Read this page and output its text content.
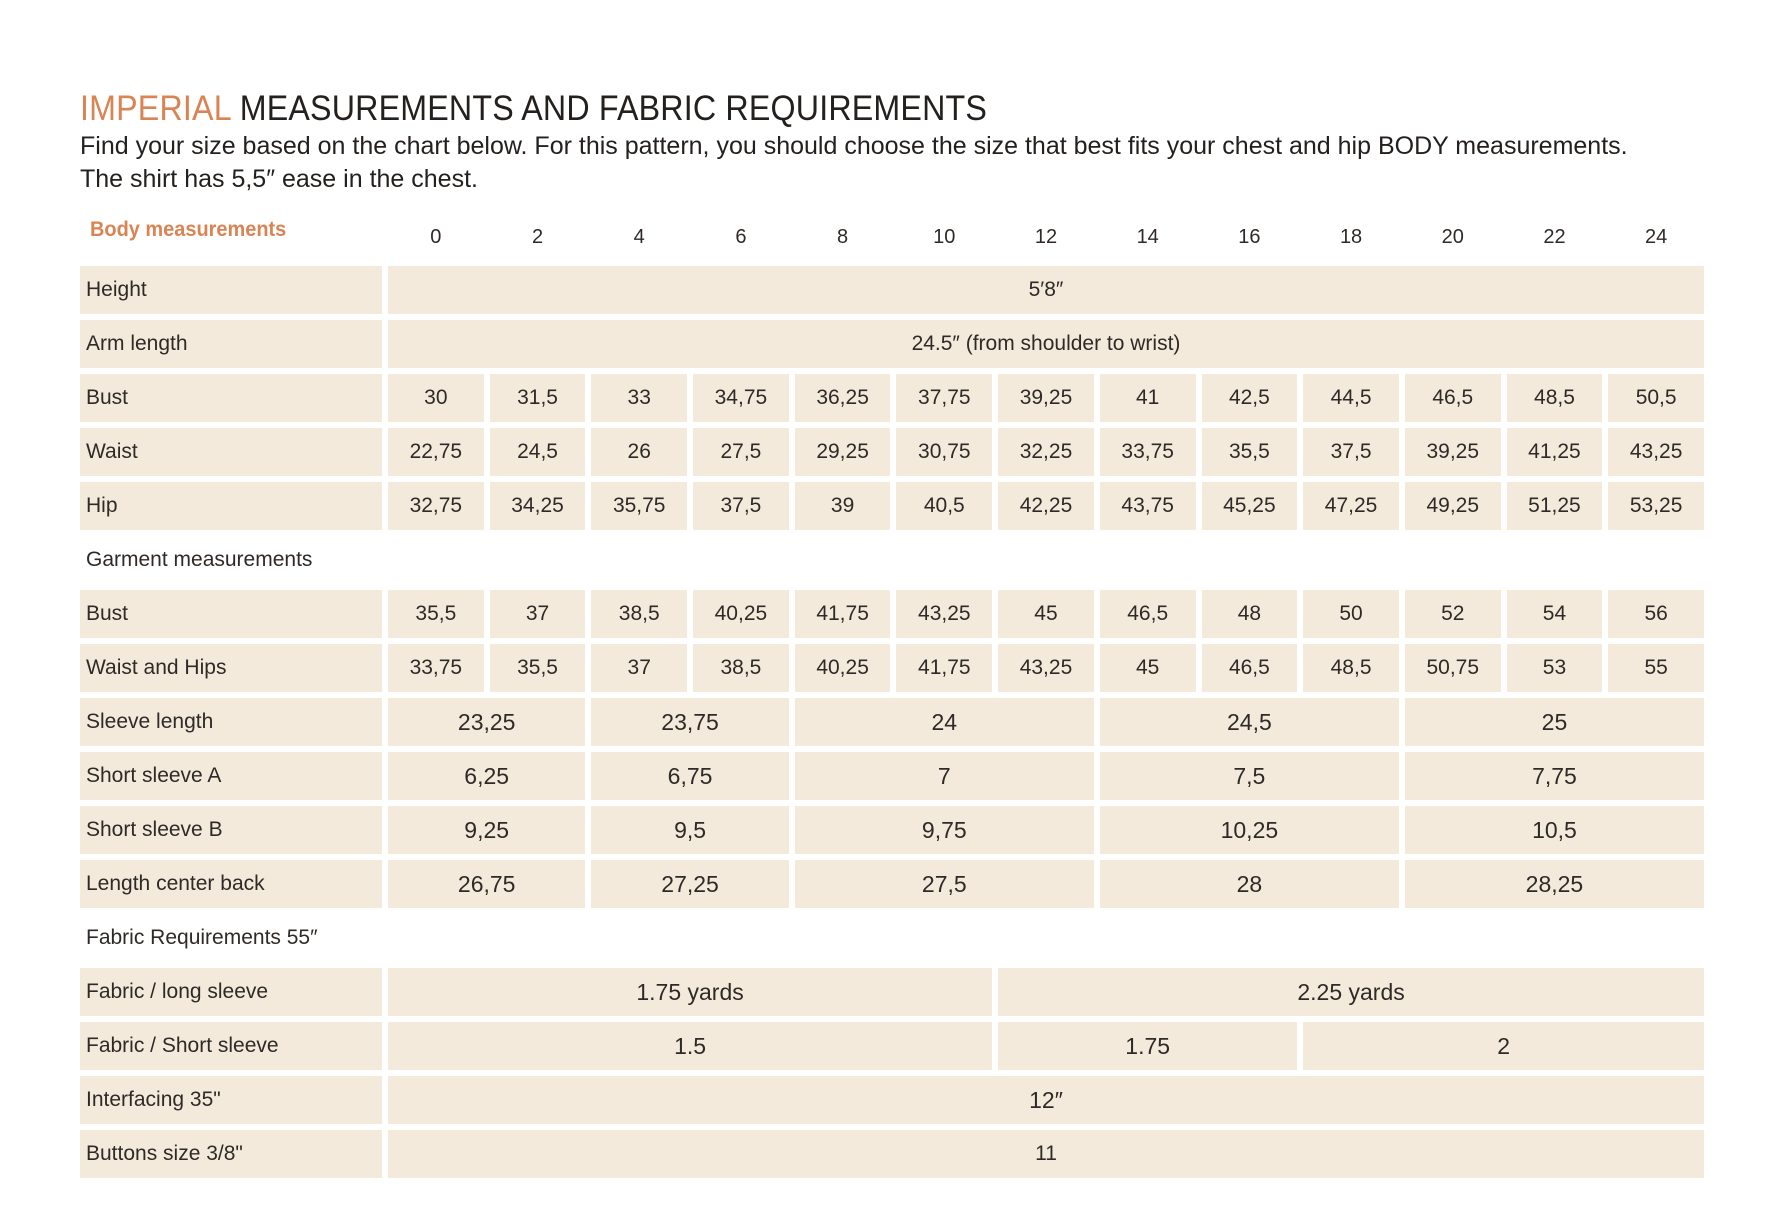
IMPERIAL MEASUREMENTS AND FABRIC REQUIREMENTS

Find your size based on the chart below. For this pattern, you should choose the size that best fits your chest and hip BODY measurements. The shirt has 5,5″ ease in the chest.

Body measurements	0	2	4	6	8	10	12	14	16	18	20	22	24
Height	5′8″
Arm length	24.5″ (from shoulder to wrist)
Bust	30	31,5	33	34,75	36,25	37,75	39,25	41	42,5	44,5	46,5	48,5	50,5
Waist	22,75	24,5	26	27,5	29,25	30,75	32,25	33,75	35,5	37,5	39,25	41,25	43,25
Hip	32,75	34,25	35,75	37,5	39	40,5	42,25	43,75	45,25	47,25	49,25	51,25	53,25
Garment measurements
Bust	35,5	37	38,5	40,25	41,75	43,25	45	46,5	48	50	52	54	56
Waist and Hips	33,75	35,5	37	38,5	40,25	41,75	43,25	45	46,5	48,5	50,75	53	55
Sleeve length	23,25	23,75	24	24,5	25
Short sleeve A	6,25	6,75	7	7,5	7,75
Short sleeve B	9,25	9,5	9,75	10,25	10,5
Length center back	26,75	27,25	27,5	28	28,25
Fabric Requirements 55″
Fabric / long sleeve	1.75 yards	2.25 yards
Fabric / Short sleeve	1.5	1.75	2
Interfacing 35"	12″
Buttons size 3/8"	11
